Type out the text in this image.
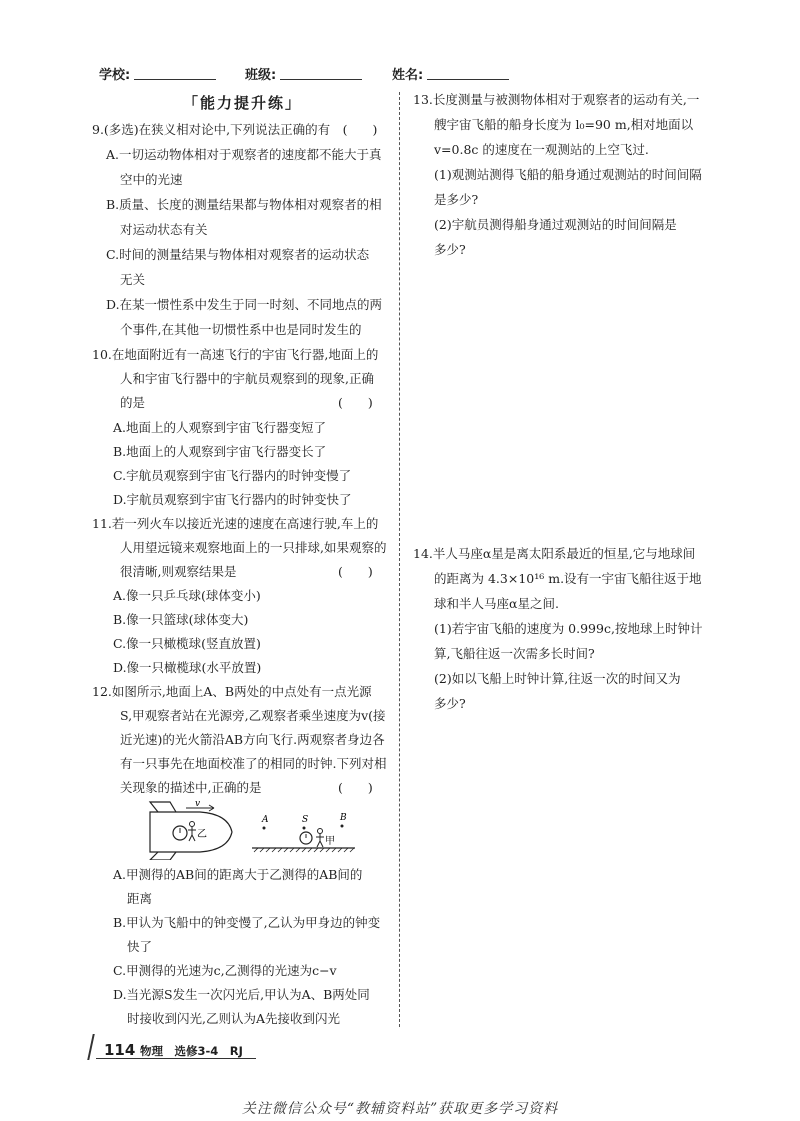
学校:	班级:	姓名:
「能力提升练」
9.(多选)在狭义相对论中,下列说法正确的有　(　　)
A.一切运动物体相对于观察者的速度都不能大于真
空中的光速
B.质量、长度的测量结果都与物体相对观察者的相
对运动状态有关
C.时间的测量结果与物体相对观察者的运动状态
无关
D.在某一惯性系中发生于同一时刻、不同地点的两
个事件,在其他一切惯性系中也是同时发生的
10.在地面附近有一高速飞行的宇宙飞行器,地面上的
人和宇宙飞行器中的宇航员观察到的现象,正确
的是	(　　)
A.地面上的人观察到宇宙飞行器变短了
B.地面上的人观察到宇宙飞行器变长了
C.宇航员观察到宇宙飞行器内的时钟变慢了
D.宇航员观察到宇宙飞行器内的时钟变快了
11.若一列火车以接近光速的速度在高速行驶,车上的
人用望远镜来观察地面上的一只排球,如果观察的
很清晰,则观察结果是	(　　)
A.像一只乒乓球(球体变小)
B.像一只篮球(球体变大)
C.像一只橄榄球(竖直放置)
D.像一只橄榄球(水平放置)
12.如图所示,地面上A、B两处的中点处有一点光源
S,甲观察者站在光源旁,乙观察者乘坐速度为v(接
近光速)的光火箭沿AB方向飞行.两观察者身边各
有一只事先在地面校准了的相同的时钟.下列对相
关现象的描述中,正确的是	(　　)
v
乙
A	S	B
甲
A.甲测得的AB间的距离大于乙测得的AB间的
距离
B.甲认为飞船中的钟变慢了,乙认为甲身边的钟变
快了
C.甲测得的光速为c,乙测得的光速为c−v
D.当光源S发生一次闪光后,甲认为A、B两处同
时接收到闪光,乙则认为A先接收到闪光
13.长度测量与被测物体相对于观察者的运动有关,一
艘宇宙飞船的船身长度为 l₀=90 m,相对地面以
v=0.8c 的速度在一观测站的上空飞过.
(1)观测站测得飞船的船身通过观测站的时间间隔
是多少?
(2)宇航员测得船身通过观测站的时间间隔是
多少?
14.半人马座α星是离太阳系最近的恒星,它与地球间
的距离为 4.3×10¹⁶ m.设有一宇宙飞船往返于地
球和半人马座α星之间.
(1)若宇宙飞船的速度为 0.999c,按地球上时钟计
算,飞船往返一次需多长时间?
(2)如以飞船上时钟计算,往返一次的时间又为
多少?
114 物理　选修3-4　RJ
关注微信公众号“教辅资料站”获取更多学习资料
